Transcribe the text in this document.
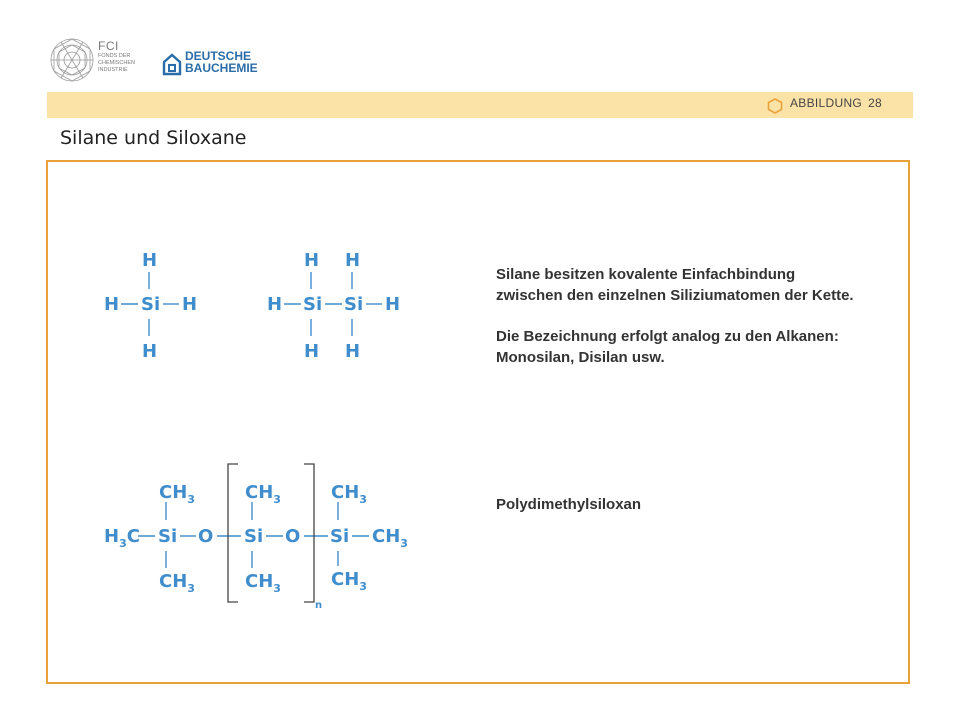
FCI
FONDS DER
CHEMISCHEN
INDUSTRIE
DEUTSCHE
BAUCHEMIE
ABBILDUNG 28
Silane und Siloxane
H
H Si H
H
H H
H Si Si H
H H
$CH_3$	$CH_3$	$CH_3$
$H_3C$ Si O Si O Si $CH_3$
$CH_3$	$CH_3$	$CH_3$
n

Silane besitzen kovalente Einfachbindung zwischen den einzelnen Siliziumatomen der Kette.

Die Bezeichnung erfolgt analog zu den Alkanen: Monosilan, Disilan usw.

Polydimethylsiloxan
